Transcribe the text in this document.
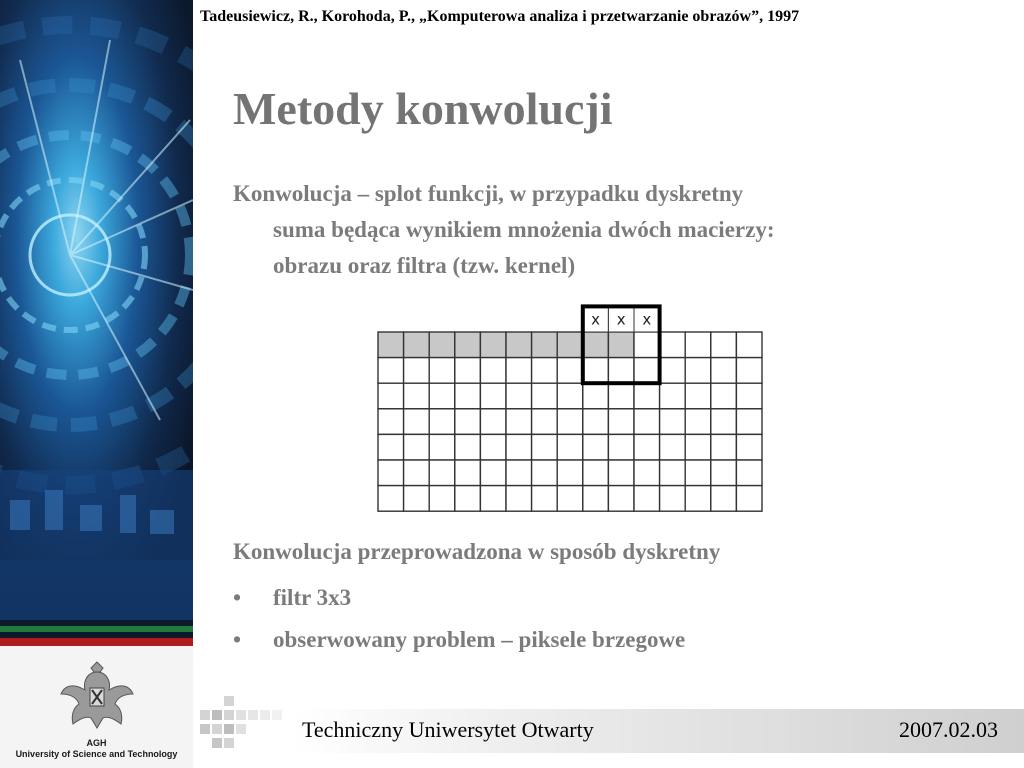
AGH
University of Science and Technology
Tadeusiewicz, R., Korohoda, P., „Komputerowa analiza i przetwarzanie obrazów”, 1997
Metody konwolucji
Konwolucja – splot funkcji, w przypadku dyskretny
suma będąca wynikiem mnożenia dwóch macierzy:
obrazu oraz filtra (tzw. kernel)
x x x
Konwolucja przeprowadzona w sposób dyskretny
• filtr 3x3
• obserwowany problem – piksele brzegowe
Techniczny Uniwersytet Otwarty	2007.02.03
